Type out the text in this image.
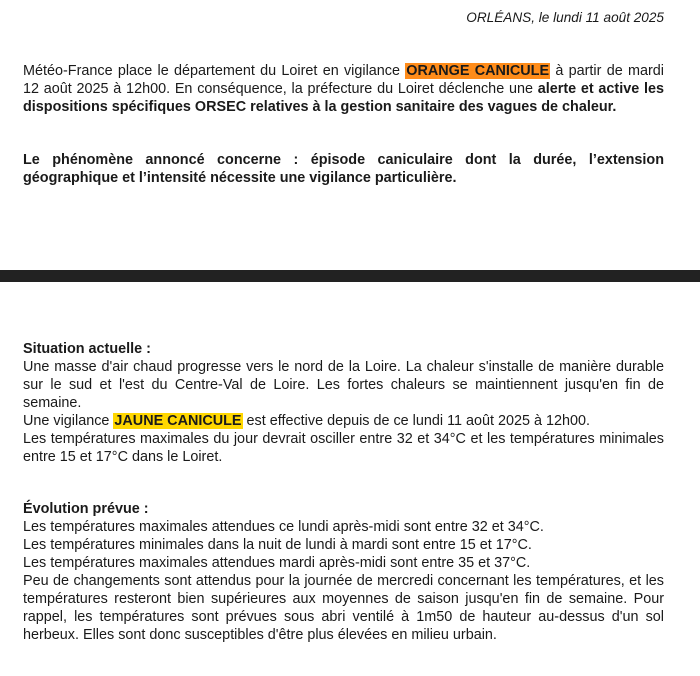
ORLÉANS, le lundi 11 août 2025
Météo-France place le département du Loiret en vigilance ORANGE CANICULE à partir de mardi 12 août 2025 à 12h00. En conséquence, la préfecture du Loiret déclenche une alerte et active les dispositions spécifiques ORSEC relatives à la gestion sanitaire des vagues de chaleur.
Le phénomène annoncé concerne : épisode caniculaire dont la durée, l’extension géographique et l’intensité nécessite une vigilance particulière.
Situation actuelle :
Une masse d'air chaud progresse vers le nord de la Loire. La chaleur s'installe de manière durable sur le sud et l'est du Centre-Val de Loire. Les fortes chaleurs se maintiennent jusqu'en fin de semaine.
Une vigilance JAUNE CANICULE est effective depuis de ce lundi 11 août 2025 à 12h00.
Les températures maximales du jour devrait osciller entre 32 et 34°C et les températures minimales entre 15 et 17°C dans le Loiret.
Évolution prévue :
Les températures maximales attendues ce lundi après-midi sont entre 32 et 34°C.
Les températures minimales dans la nuit de lundi à mardi sont entre 15 et 17°C.
Les températures maximales attendues mardi après-midi sont entre 35 et 37°C.
Peu de changements sont attendus pour la journée de mercredi concernant les températures, et les températures resteront bien supérieures aux moyennes de saison jusqu'en fin de semaine. Pour rappel, les températures sont prévues sous abri ventilé à 1m50 de hauteur au-dessus d'un sol herbeux. Elles sont donc susceptibles d'être plus élevées en milieu urbain.
